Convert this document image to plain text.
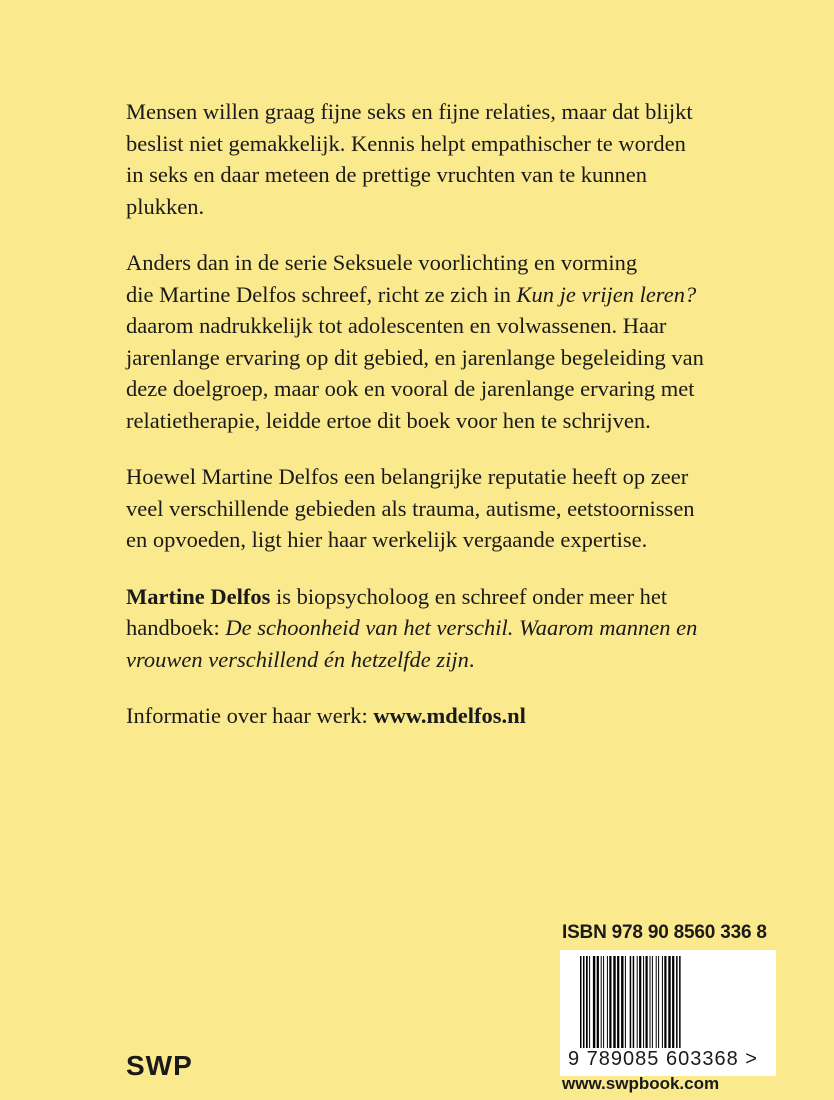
Mensen willen graag fijne seks en fijne relaties, maar dat blijkt
beslist niet gemakkelijk. Kennis helpt empathischer te worden
in seks en daar meteen de prettige vruchten van te kunnen
plukken.

Anders dan in de serie Seksuele voorlichting en vorming
die Martine Delfos schreef, richt ze zich in Kun je vrijen leren?
daarom nadrukkelijk tot adolescenten en volwassenen. Haar
jarenlange ervaring op dit gebied, en jarenlange begeleiding van
deze doelgroep, maar ook en vooral de jarenlange ervaring met
relatietherapie, leidde ertoe dit boek voor hen te schrijven.

Hoewel Martine Delfos een belangrijke reputatie heeft op zeer
veel verschillende gebieden als trauma, autisme, eetstoornissen
en opvoeden, ligt hier haar werkelijk vergaande expertise.

Martine Delfos is biopsycholoog en schreef onder meer het
handboek: De schoonheid van het verschil. Waarom mannen en
vrouwen verschillend én hetzelfde zijn.

Informatie over haar werk: www.mdelfos.nl

ISBN 978 90 8560 336 8
9 789085 603368 >
SWP
www.swpbook.com
